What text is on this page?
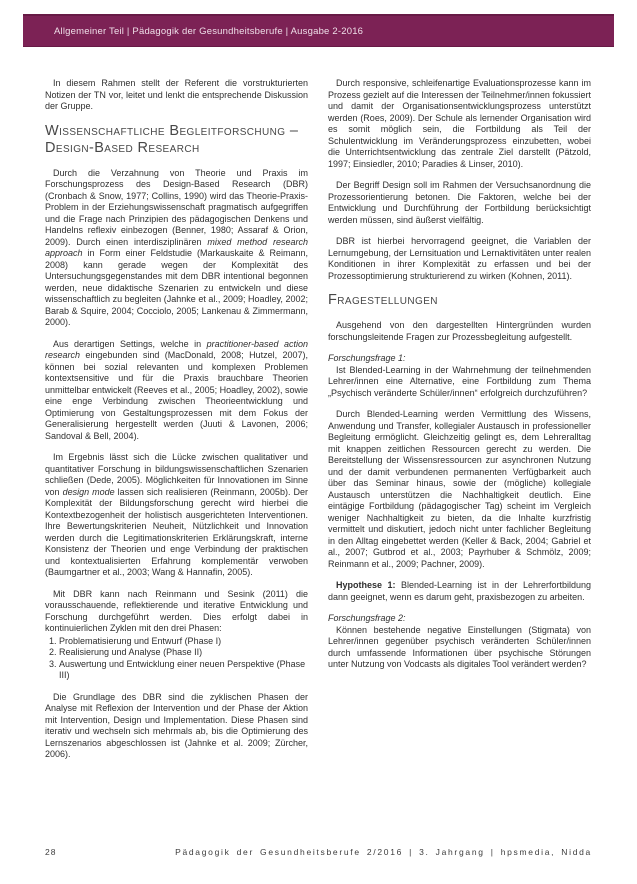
Allgemeiner Teil | Pädagogik der Gesundheitsberufe | Ausgabe 2-2016

In diesem Rahmen stellt der Referent die vorstrukturierten Notizen der TN vor, leitet und lenkt die entsprechende Diskussion der Gruppe.

Wissenschaftliche Begleitforschung – Design-Based Research

Durch die Verzahnung von Theorie und Praxis im Forschungsprozess des Design-Based Research (DBR) (Cronbach & Snow, 1977; Collins, 1990) wird das Theorie-Praxis-Problem in der Erziehungswissenschaft pragmatisch aufgegriffen und die Frage nach Prinzipien des pädagogischen Denkens und Handelns reflexiv einbezogen (Benner, 1980; Assaraf & Orion, 2009). Durch einen interdisziplinären mixed method research approach in Form einer Feldstudie (Markauskaite & Reimann, 2008) kann gerade wegen der Komplexität des Untersuchungsgegenstandes mit dem DBR intentional begonnen werden, neue didaktische Szenarien zu entwickeln und diese wissenschaftlich zu begleiten (Jahnke et al., 2009; Hoadley, 2002; Barab & Squire, 2004; Cocciolo, 2005; Lankenau & Zimmermann, 2000).

Aus derartigen Settings, welche in practitioner-based action research eingebunden sind (MacDonald, 2008; Hutzel, 2007), können bei sozial relevanten und komplexen Problemen kontextsensitive und für die Praxis brauchbare Theorien unmittelbar entwickelt (Reeves et al., 2005; Hoadley, 2002), sowie eine enge Verbindung zwischen Theorieentwicklung und Optimierung von Gestaltungsprozessen mit dem Fokus der Generalisierung hergestellt werden (Juuti & Lavonen, 2006; Sandoval & Bell, 2004).

Im Ergebnis lässt sich die Lücke zwischen qualitativer und quantitativer Forschung in bildungswissenschaftlichen Szenarien schließen (Dede, 2005). Möglichkeiten für Innovationen im Sinne von design mode lassen sich realisieren (Reinmann, 2005b). Der Komplexität der Bildungsforschung gerecht wird hierbei die Kontextbezogenheit der holistisch ausgerichteten Interventionen. Ihre Bewertungskriterien Neuheit, Nützlichkeit und Innovation werden durch die Legitimationskriterien Erklärungskraft, interne Konsistenz der Theorien und enge Verbindung der praktischen und kontextualisierten Erfahrung komplementär verwoben (Baumgartner et al., 2003; Wang & Hannafin, 2005).

Mit DBR kann nach Reinmann und Sesink (2011) die vorausschauende, reflektierende und iterative Entwicklung und Forschung durchgeführt werden. Dies erfolgt dabei in kontinuierlichen Zyklen mit den drei Phasen:

1. Problematisierung und Entwurf (Phase I)
2. Realisierung und Analyse (Phase II)
3. Auswertung und Entwicklung einer neuen Perspektive (Phase III)

Die Grundlage des DBR sind die zyklischen Phasen der Analyse mit Reflexion der Intervention und der Phase der Aktion mit Intervention, Design und Implementation. Diese Phasen sind iterativ und wechseln sich mehrmals ab, bis die Optimierung des Lernszenarios abgeschlossen ist (Jahnke et al. 2009; Zürcher, 2006).

Durch responsive, schleifenartige Evaluationsprozesse kann im Prozess gezielt auf die Interessen der Teilnehmer/innen fokussiert und damit der Organisationsentwicklungsprozess unterstützt werden (Roes, 2009). Der Schule als lernender Organisation wird es somit möglich sein, die Fortbildung als Teil der Schulentwicklung im Veränderungsprozess einzubetten, wobei die Unterrichtsentwicklung das zentrale Ziel darstellt (Pätzold, 1997; Einsiedler, 2010; Paradies & Linser, 2010).

Der Begriff Design soll im Rahmen der Versuchsanordnung die Prozessorientierung betonen. Die Faktoren, welche bei der Entwicklung und Durchführung der Fortbildung berücksichtigt werden müssen, sind äußerst vielfältig.

DBR ist hierbei hervorragend geeignet, die Variablen der Lernumgebung, der Lernsituation und Lernaktivitäten unter realen Konditionen in ihrer Komplexität zu erfassen und bei der Prozessoptimierung strukturierend zu wirken (Kohnen, 2011).

Fragestellungen

Ausgehend von den dargestellten Hintergründen wurden forschungsleitende Fragen zur Prozessbegleitung aufgestellt.

Forschungsfrage 1:

Ist Blended-Learning in der Wahrnehmung der teilnehmenden Lehrer/innen eine Alternative, eine Fortbildung zum Thema „Psychisch veränderte Schüler/innen“ erfolgreich durchzuführen?

Durch Blended-Learning werden Vermittlung des Wissens, Anwendung und Transfer, kollegialer Austausch in professioneller Begleitung ermöglicht. Gleichzeitig gelingt es, dem Lehreralltag mit knappen zeitlichen Ressourcen gerecht zu werden. Die Bereitstellung der Wissensressourcen zur asynchronen Nutzung und der damit verbundenen permanenten Verfügbarkeit auch über das Seminar hinaus, sowie der (mögliche) kollegiale Austausch unterstützen die Nachhaltigkeit deutlich. Eine eintägige Fortbildung (pädagogischer Tag) scheint im Vergleich weniger Nachhaltigkeit zu bieten, da die Inhalte kurzfristig vermittelt und diskutiert, jedoch nicht unter fachlicher Begleitung in den Alltag eingebettet werden (Keller & Back, 2004; Gabriel et al., 2007; Gutbrod et al., 2003; Payrhuber & Schmölz, 2009; Reinmann et al., 2009; Pachner, 2009).

Hypothese 1: Blended-Learning ist in der Lehrerfortbildung dann geeignet, wenn es darum geht, praxisbezogen zu arbeiten.

Forschungsfrage 2:

Können bestehende negative Einstellungen (Stigmata) von Lehrer/innen gegenüber psychisch veränderten Schüler/innen durch umfassende Informationen über psychische Störungen unter Nutzung von Vodcasts als digitales Tool verändert werden?

28	Pädagogik der Gesundheitsberufe 2/2016 | 3. Jahrgang | hpsmedia, Nidda
